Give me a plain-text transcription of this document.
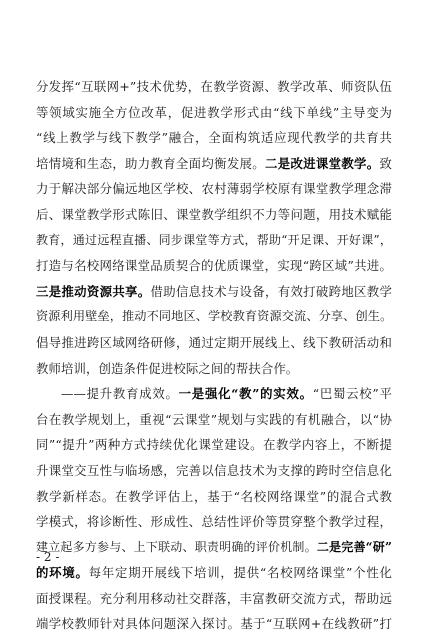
分发挥“互联网+”技术优势，在教学资源、教学改革、师资队伍
等领域实施全方位改革，促进教学形式由“线下单线”主导变为
“线上教学与线下教学”融合，全面构筑适应现代教学的共育共
培情境和生态，助力教育全面均衡发展。二是改进课堂教学。致
力于解决部分偏远地区学校、农村薄弱学校原有课堂教学理念滞
后、课堂教学形式陈旧、课堂教学组织不力等问题，用技术赋能
教育，通过远程直播、同步课堂等方式，帮助“开足课、开好课”，
打造与名校网络课堂品质契合的优质课堂，实现“跨区域”共进。
三是推动资源共享。借助信息技术与设备，有效打破跨地区教学
资源利用壁垒，推动不同地区、学校教育资源交流、分享、创生。
倡导推进跨区域网络研修，通过定期开展线上、线下教研活动和
教师培训，创造条件促进校际之间的帮扶合作。
——提升教育成效。一是强化“教”的实效。“巴蜀云校”平
台在教学规划上，重视“云课堂”规划与实践的有机融合，以“协
同”“提升”两种方式持续优化课堂建设。在教学内容上，不断提
升课堂交互性与临场感，完善以信息技术为支撑的跨时空信息化
教学新样态。在教学评估上，基于“名校网络课堂”的混合式教
学模式，将诊断性、形成性、总结性评价等贯穿整个教学过程，
建立起多方参与、上下联动、职责明确的评价机制。二是完善“研”
的环境。每年定期开展线下培训，提供“名校网络课堂”个性化
面授课程。充分利用移动社交群落，丰富教研交流方式，帮助远
端学校教师针对具体问题深入探讨。基于“互联网+在线教研”打
- 2 -
